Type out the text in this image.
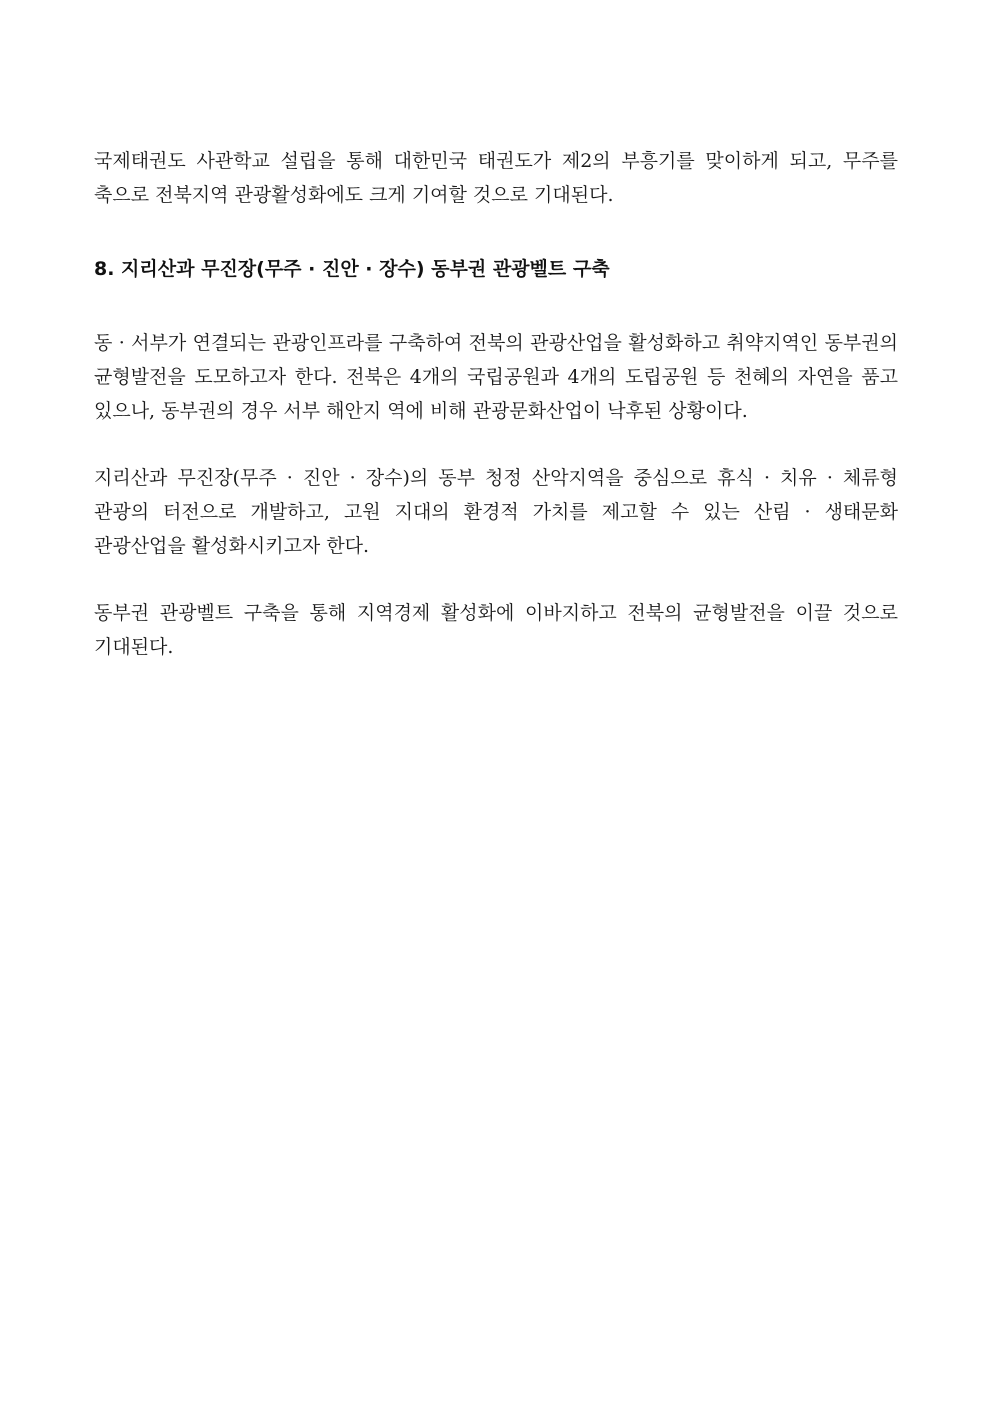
국제태권도 사관학교 설립을 통해 대한민국 태권도가 제2의 부흥기를 맞이하게 되고, 무주를 축으로 전북지역 관광활성화에도 크게 기여할 것으로 기대된다.

8. 지리산과 무진장(무주 · 진안 · 장수) 동부권 관광벨트 구축

동 · 서부가 연결되는 관광인프라를 구축하여 전북의 관광산업을 활성화하고 취약지역인 동부권의 균형발전을 도모하고자 한다. 전북은 4개의 국립공원과 4개의 도립공원 등 천혜의 자연을 품고 있으나, 동부권의 경우 서부 해안지 역에 비해 관광문화산업이 낙후된 상황이다.

지리산과 무진장(무주 · 진안 · 장수)의 동부 청정 산악지역을 중심으로 휴식 · 치유 · 체류형 관광의 터전으로 개발하고, 고원 지대의 환경적 가치를 제고할 수 있는 산림 · 생태문화 관광산업을 활성화시키고자 한다.

동부권 관광벨트 구축을 통해 지역경제 활성화에 이바지하고 전북의 균형발전을 이끌 것으로 기대된다.
